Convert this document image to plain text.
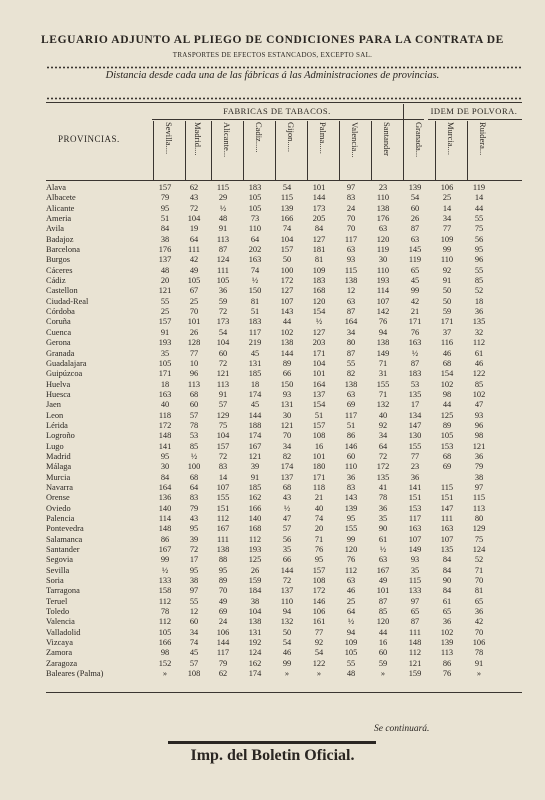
LEGUARIO ADJUNTO AL PLIEGO DE CONDICIONES PARA LA CONTRATA DE
TRASPORTES DE EFECTOS ESTANCADOS, EXCEPTO SAL.
Distancia desde cada una de las fábricas á las Administraciones de provincias.
FABRICAS DE TABACOS.	IDEM DE POLVORA.
PROVINCIAS.	Sevilla.... Madrid.... Alicante...	Cadiz.....	Gijon.....	Palma.....	Valencia...	Santander	Granada...	Murcia....	Ruidera...
Alava	157	62	115	183	54	101	97	23	139	106	119
Albacete	79	43	29	105	115	144	83	110	54	25	14
Alicante	95	72	½	105	139	173	24	138	60	14	44
Ameria	51	104	48	73	166	205	70	176	26	34	55
Avila	84	19	91	110	74	84	70	63	87	77	75
Badajoz	38	64	113	64	104	127	117	120	63	109	56
Barcelona	176	111	87	202	157	181	63	119	145	99	95
Burgos	137	42	124	163	50	81	93	30	119	110	96
Cáceres	48	49	111	74	100	109	115	110	65	92	55
Cádiz	20	105	105	½	172	183	138	193	45	91	85
Castellon	121	67	36	150	127	168	12	114	99	50	52
Ciudad-Real	55	25	59	81	107	120	63	107	42	50	18
Córdoba	25	70	72	51	143	154	87	142	21	59	36
Coruña	157	101	173	183	44	½	164	76	171	171	135
Cuenca	91	26	54	117	102	127	34	94	76	37	32
Gerona	193	128	104	219	138	203	80	138	163	116	112
Granada	35	77	60	45	144	171	87	149	½	46	61
Guadalajara	105	10	72	131	89	104	55	71	87	68	46
Guipúzcoa	171	96	121	185	66	101	82	31	183	154	122
Huelva	18	113	113	18	150	164	138	155	53	102	85
Huesca	163	68	91	174	93	137	63	71	135	98	102
Jaen	40	60	57	45	131	154	69	132	17	44	47
Leon	118	57	129	144	30	51	117	40	134	125	93
Lérida	172	78	75	188	121	157	51	92	147	89	96
Logroño	148	53	104	174	70	108	86	34	130	105	98
Lugo	141	85	157	167	34	16	146	64	155	153	121
Madrid	95	½	72	121	82	101	60	72	77	68	36
Málaga	30	100	83	39	174	180	110	172	23	69	79
Murcia	84	68	14	91	137	171	36	135	36		38
Navarra	164	64	107	185	68	118	83	41	141	115	97
Orense	136	83	155	162	43	21	143	78	151	151	115
Oviedo	140	79	151	166	½	40	139	36	153	147	113
Palencia	114	43	112	140	47	74	95	35	117	111	80
Pontevedra	148	95	167	168	57	20	155	90	163	163	129
Salamanca	86	39	111	112	56	71	99	61	107	107	75
Santander	167	72	138	193	35	76	120	½	149	135	124
Segovia	99	17	88	125	66	95	76	63	93	84	52
Sevilla	½	95	95	26	144	157	112	167	35	84	71
Soria	133	38	89	159	72	108	63	49	115	90	70
Tarragona	158	97	70	184	137	172	46	101	133	84	81
Teruel	112	55	49	38	110	146	25	87	97	61	65
Toledo	78	12	69	104	94	106	64	85	65	65	36
Valencia	112	60	24	138	132	161	½	120	87	36	42
Valladolid	105	34	106	131	50	77	94	44	111	102	70
Vizcaya	166	74	144	192	54	92	109	16	148	139	106
Zamora	98	45	117	124	46	54	105	60	112	113	78
Zaragoza	152	57	79	162	99	122	55	59	121	86	91
Baleares (Palma)	»	108	62	174	»	»	48	»	159	76	»
Se continuará.
Imp. del Boletin Oficial.
